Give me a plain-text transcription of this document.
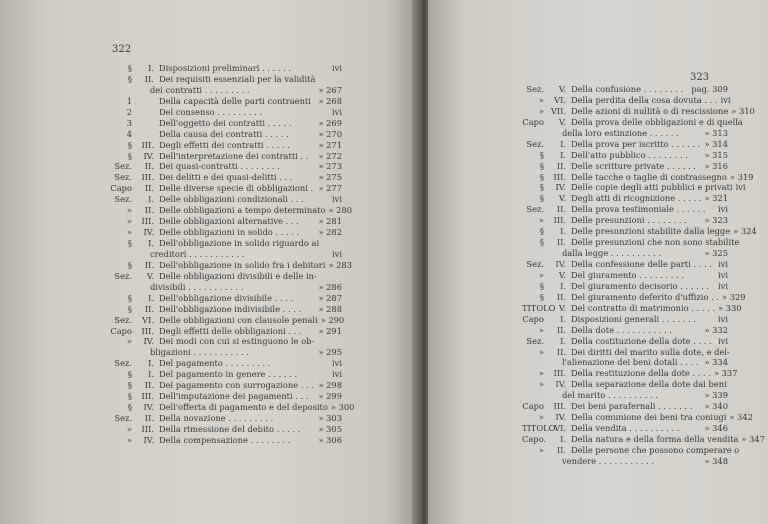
322
§	I. Disposizioni preliminari . . . . . .	ivi
§	II. Dei requisiti essenziali per la validità
dei contratti . . . . . . . . .	» 267
1	Della capacità delle parti contraenti » 268
2	Del consenso . . . . . . . . .	ivi
3	Dell'oggetto dei contratti . . . . .	» 269
4	Della causa dei contratti . . . . .	» 270
§	III. Degli effetti dei contratti . . . . .	» 271
§	IV. Dell'interpretazione dei contratti . .	» 272
Sez.	II. Dei quasi-contratti . . . . . . . .	» 273
Sez.	III. Dei delitti e dei quasi-delitti . . .	» 275
Capo	II. Delle diverse specie di obbligazioni . » 277
Sez.	I. Delle obbligazioni condizionali . . .	ivi
»	II. Delle obbligazioni a tempo determinato » 280
»	III. Delle obbligazioni alternative . . .	» 281
»	IV. Delle obbligazioni in solido . . . . .	» 282
§	I. Dell'obbligazione in solido riguardo ai
creditori . . . . . . . . . . .	ivi
§	II. Dell'obbligazione in solido fra i debitori » 283
Sez.	V. Delle obbligazioni divisibili e delle in-
divisibili . . . . . . . . . . .	» 286
§	I. Dell'obbligazione divisibile . . . .	» 287
§	II. Dell'obbligazione indivisibile . . . .	» 288
Sez.	VI. Delle obbligazioni con clausole penali » 290
Capo	III. Degli effetti delle obbligazioni . . .	» 291
»	IV. Dei modi con cui si estinguono le ob-
bligazioni . . . . . . . . . . .	» 295
Sez.	I. Del pagamento . . . . . . . . .	ivi
§	I. Del pagamento in genere . . . . . .	ivi
§	II. Del pagamento con surrogazione . . . » 298
§	III. Dell'imputazione dei pagamenti . . .	» 299
§	IV. Dell'offerta di pagamento e del deposito » 300
Sez.	II. Della novazione . . . . . . . . .	» 303
»	III. Della rimessione del debito . . . . .	» 305
»	IV. Della compensazione . . . . . . . .	» 306
323
Sez.	V. Della confusione . . . . . . . . pag. 309
»	VI. Della perdita della cosa dovuta . . . ivi
» VII. Delle azioni di nullità o di rescissione » 310
Capo	V. Della prova delle obbligazioni e di quella
della loro estinzione . . . . . .	» 313
Sez.	I. Della prova per iscritto . . . . . . » 314
§	I. Dell'atto pubblico . . . . . . . .	» 315
§	II. Delle scritture private . . . . . .	» 316
§	III. Delle tacche o taglie di contrassegno » 319
§	IV. Delle copie degli atti pubblici e privati ivi
§	V. Degli atti di ricognizione . . . . . » 321
Sez.	II. Della prova testimoniale . . . . . .	ivi
»	III. Delle presunzioni . . . . . . . .	» 323
§	I. Delle presunzioni stabilite dalla legge » 324
§	II. Delle presunzioni che non sono stabilite
dalla legge . . . . . . . . . .	» 325
Sez.	IV. Della confessione delle parti . . . . ivi
»	V. Del giuramento . . . . . . . . .	ivi
§	I. Del giuramento decisorio . . . . . .	ivi
§	II. Del giuramento deferito d'uffizio . . » 329
TITOLO V. Del contratto di matrimonio . . . . . » 330
Capo	I. Disposizioni generali . . . . . . .	ivi
»	II. Della dote . . . . . . . . . . .	» 332
Sez.	I. Della costituzione della dote . . . . ivi
»	II. Dei diritti del marito sulla dote, e del-
l'alienazione dei beni dotali . . . . » 334
»	III. Della restituzione della dote . . . . » 337
»	IV. Della separazione della dote dai beni
del marito . . . . . . . . . .	» 339
Capo	III. Dei beni parafernali . . . . . . .	» 340
»	IV. Della comunione dei beni tra coniugi » 342
TITOLO
VI. Della vendita . . . . . . . . . .	» 346
Capo.	I. Della natura e della forma della vendita » 347
»	II. Delle persone che possono comperare o
vendere . . . . . . . . . . .	» 348
